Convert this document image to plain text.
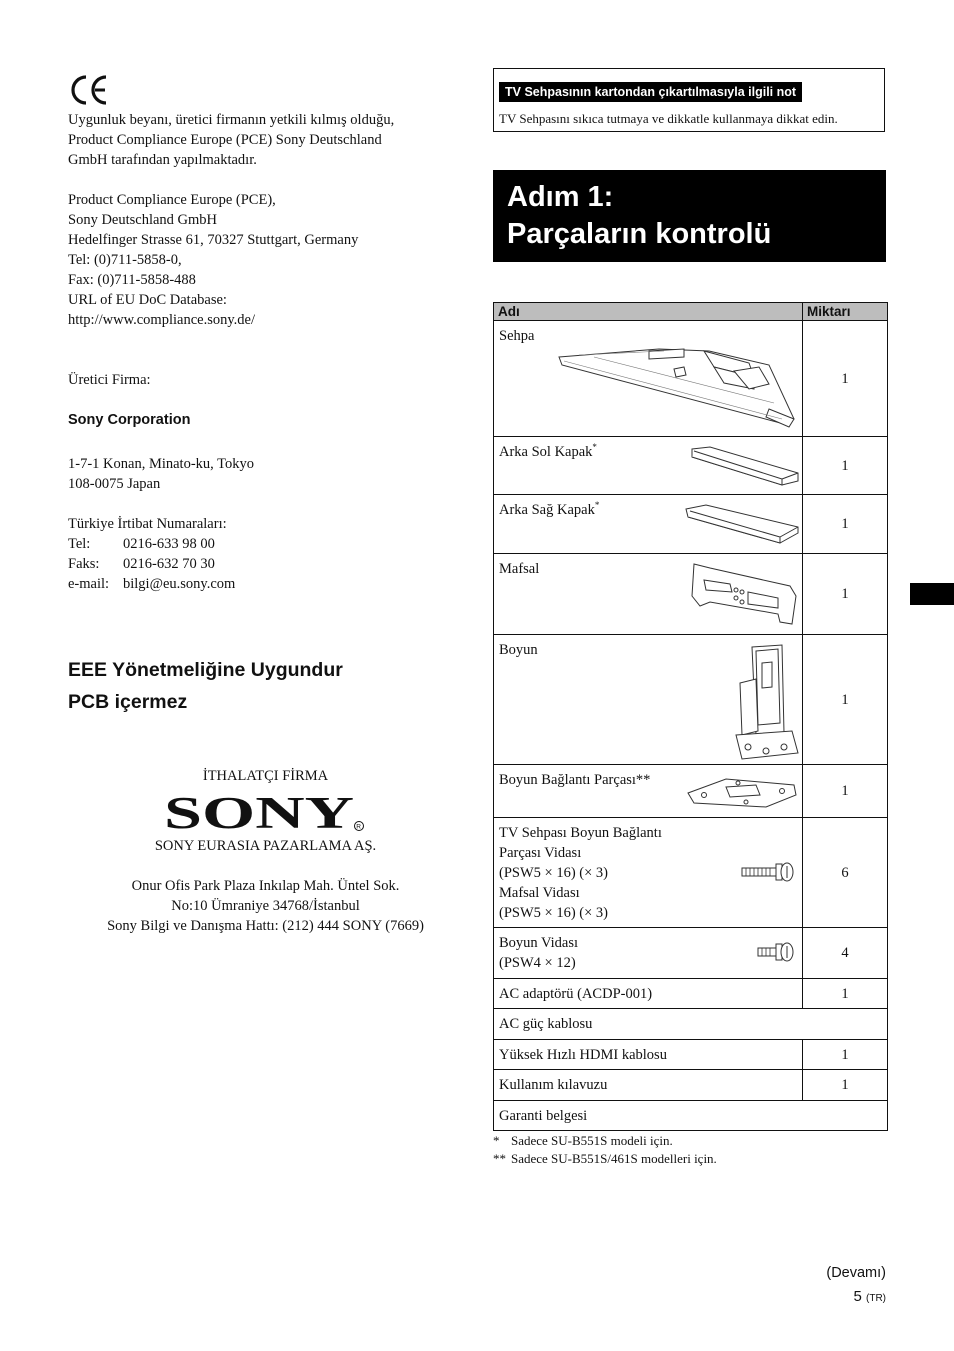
Uygunluk beyanı, üretici firmanın yetkili kılmış olduğu,
Product Compliance Europe (PCE) Sony Deutschland
GmbH tarafından yapılmaktadır.
Product Compliance Europe (PCE),
Sony Deutschland GmbH
Hedelfinger Strasse 61, 70327 Stuttgart, Germany
Tel: (0)711-5858-0,
Fax: (0)711-5858-488
URL of EU DoC Database:
http://www.compliance.sony.de/
Üretici Firma:
Sony Corporation
1-7-1 Konan, Minato-ku, Tokyo
108-0075 Japan
Türkiye İrtibat Numaraları:
Tel:	0216-633 98 00
Faks:	0216-632 70 30
e-mail: bilgi@eu.sony.com
EEE Yönetmeliğine Uygundur
PCB içermez
İTHALATÇI FİRMA
SONY EURASIA PAZARLAMA AŞ.
Onur Ofis Park Plaza Inkılap Mah. Üntel Sok.
No:10 Ümraniye 34768/İstanbul
Sony Bilgi ve Danışma Hattı: (212) 444 SONY (7669)
SONY R
TV Sehpasının kartondan çıkartılmasıyla ilgili not
TV Sehpasını sıkıca tutmaya ve dikkatle kullanmaya dikkat edin.
Adım 1:
Parçaların kontrolü
Adı	Miktarı

Sehpa	1

Arka Sol Kapak*	1

Arka Sağ Kapak*	1

Mafsal	1

Boyun	1

Boyun Bağlantı Parçası**	1

TV Sehpası Boyun Bağlantı
Parçası Vidası
(PSW5 × 16) (× 3)
Mafsal Vidası
(PSW5 × 16) (× 3)	6

Boyun Vidası
(PSW4 × 12)	4

AC adaptörü (ACDP-001)	1

AC güç kablosu	

Yüksek Hızlı HDMI kablosu	1

Kullanım kılavuzu	1

Garanti belgesi	
* Sadece SU-B551S modeli için.
** Sadece SU-B551S/461S modelleri için.
(Devamı)
5 (TR)
